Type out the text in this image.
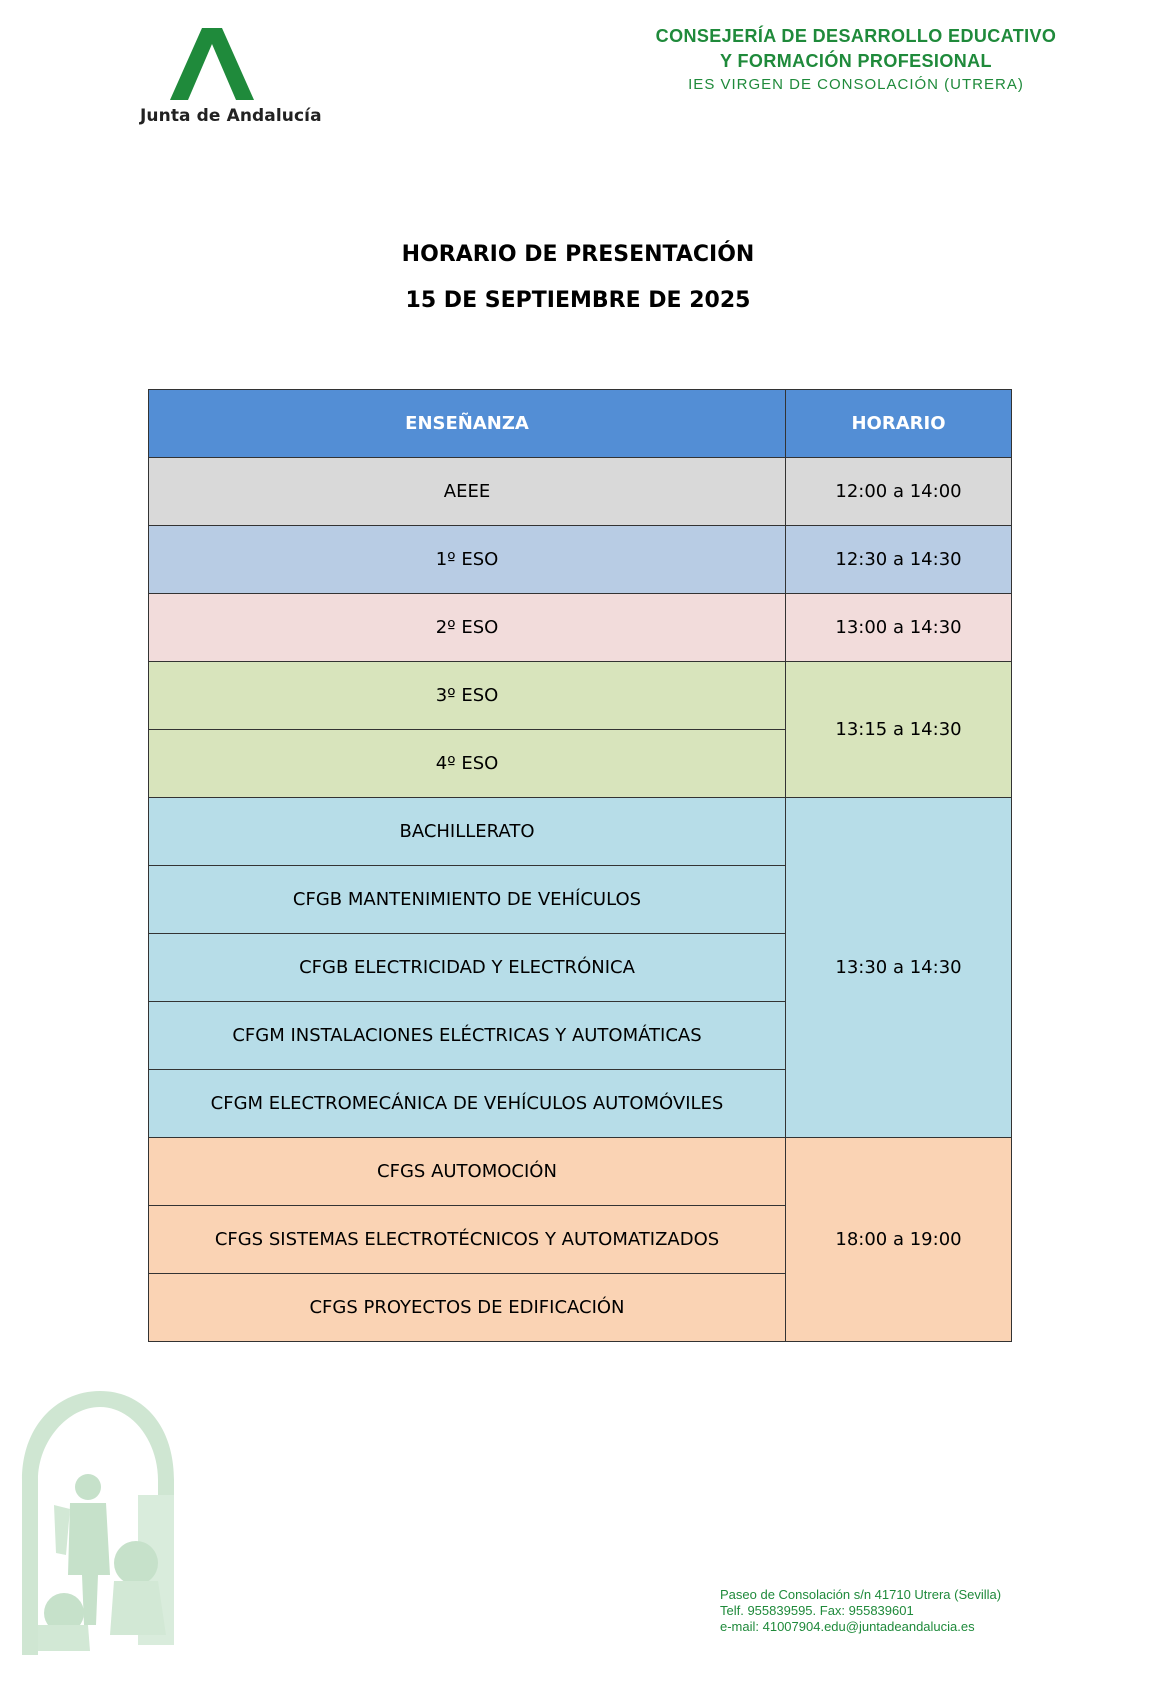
Junta de Andalucía
CONSEJERÍA DE DESARROLLO EDUCATIVO
Y FORMACIÓN PROFESIONAL
IES VIRGEN DE CONSOLACIÓN (UTRERA)
HORARIO DE PRESENTACIÓN
15 DE SEPTIEMBRE DE 2025
ENSEÑANZA	HORARIO
AEEE	12:00 a 14:00
1º ESO	12:30 a 14:30
2º ESO	13:00 a 14:30
3º ESO	13:15 a 14:30
4º ESO	
BACHILLERATO	13:30 a 14:30
CFGB MANTENIMIENTO DE VEHÍCULOS	
CFGB ELECTRICIDAD Y ELECTRÓNICA	
CFGM INSTALACIONES ELÉCTRICAS Y AUTOMÁTICAS	
CFGM ELECTROMECÁNICA DE VEHÍCULOS AUTOMÓVILES	
CFGS AUTOMOCIÓN	18:00 a 19:00
CFGS SISTEMAS ELECTROTÉCNICOS Y AUTOMATIZADOS	
CFGS PROYECTOS DE EDIFICACIÓN	
Paseo de Consolación s/n 41710 Utrera (Sevilla)
Telf. 955839595. Fax: 955839601
e-mail: 41007904.edu@juntadeandalucia.es
